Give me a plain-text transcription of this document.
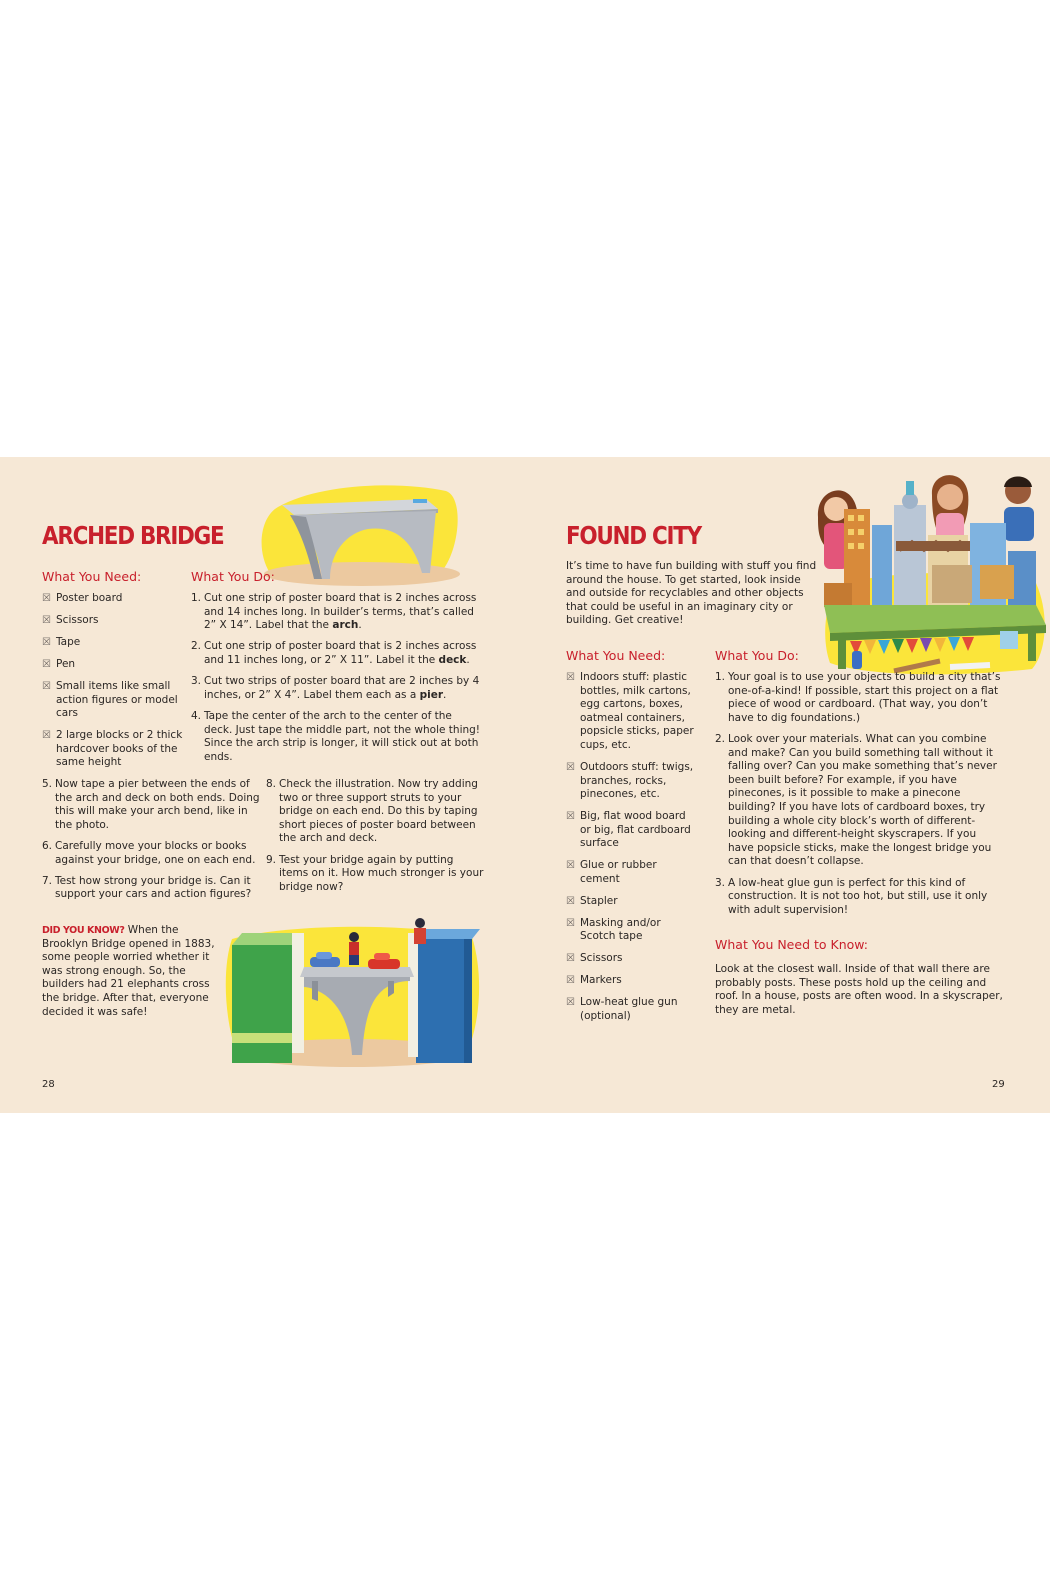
ARCHED BRIDGE
What You Need:
☒ Poster board
☒ Scissors
☒ Tape
☒ Pen
☒ Small items like small action figures or model cars
☒ 2 large blocks or 2 thick hardcover books of the same height
What You Do:
1. Cut one strip of poster board that is 2 inches across and 14 inches long. In builder’s terms, that’s called 2” X 14”. Label that the arch.
2. Cut one strip of poster board that is 2 inches across and 11 inches long, or 2” X 11”. Label it the deck.
3. Cut two strips of poster board that are 2 inches by 4 inches, or 2” X 4”. Label them each as a pier.
4. Tape the center of the arch to the center of the deck. Just tape the middle part, not the whole thing! Since the arch strip is longer, it will stick out at both ends.
5. Now tape a pier between the ends of the arch and deck on both ends. Doing this will make your arch bend, like in the photo.
6. Carefully move your blocks or books against your bridge, one on each end.
7. Test how strong your bridge is. Can it support your cars and action figures?
8. Check the illustration. Now try adding two or three support struts to your bridge on each end. Do this by taping short pieces of poster board between the arch and deck.
9. Test your bridge again by putting items on it. How much stronger is your bridge now?
DID YOU KNOW? When the Brooklyn Bridge opened in 1883, some people worried whether it was strong enough. So, the builders had 21 elephants cross the bridge. After that, everyone decided it was safe!
28
FOUND CITY
It’s time to have fun building with stuff you find around the house. To get started, look inside and outside for recyclables and other objects that could be useful in an imaginary city or building. Get creative!
What You Need:
☒ Indoors stuff: plastic bottles, milk cartons, egg cartons, boxes, oatmeal containers, popsicle sticks, paper cups, etc.
☒ Outdoors stuff: twigs, branches, rocks, pinecones, etc.
☒ Big, flat wood board or big, flat cardboard surface
☒ Glue or rubber cement
☒ Stapler
☒ Masking and/or Scotch tape
☒ Scissors
☒ Markers
☒ Low-heat glue gun (optional)
What You Do:
1. Your goal is to use your objects to build a city that’s one-of-a-kind! If possible, start this project on a flat piece of wood or cardboard. (That way, you don’t have to dig foundations.)
2. Look over your materials. What can you combine and make? Can you build something tall without it falling over? Can you make something that’s never been built before? For example, if you have pinecones, is it possible to make a pinecone building? If you have lots of cardboard boxes, try building a whole city block’s worth of different-looking and different-height skyscrapers. If you have popsicle sticks, make the longest bridge you can that doesn’t collapse.
3. A low-heat glue gun is perfect for this kind of construction. It is not too hot, but still, use it only with adult supervision!
What You Need to Know:
Look at the closest wall. Inside of that wall there are probably posts. These posts hold up the ceiling and roof. In a house, posts are often wood. In a skyscraper, they are metal.
29
